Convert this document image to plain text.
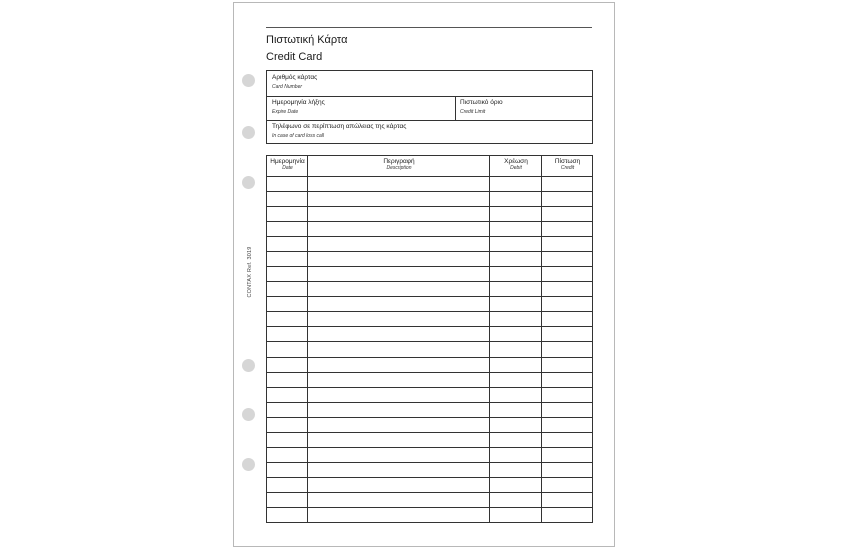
CONTAX Ref. 3019
Πιστωτική Κάρτα
Credit Card
Αριθμός κάρτας
Card Number
Ημερομηνία λήξης
Expire Date
Πιστωτικό όριο
Credit Limit
Τηλέφωνο σε περίπτωση απώλειας της κάρτας
In case of card loss call
Ημερομηνία
Date
Περιγραφή
Description
Χρέωση
Debit
Πίστωση
Credit
